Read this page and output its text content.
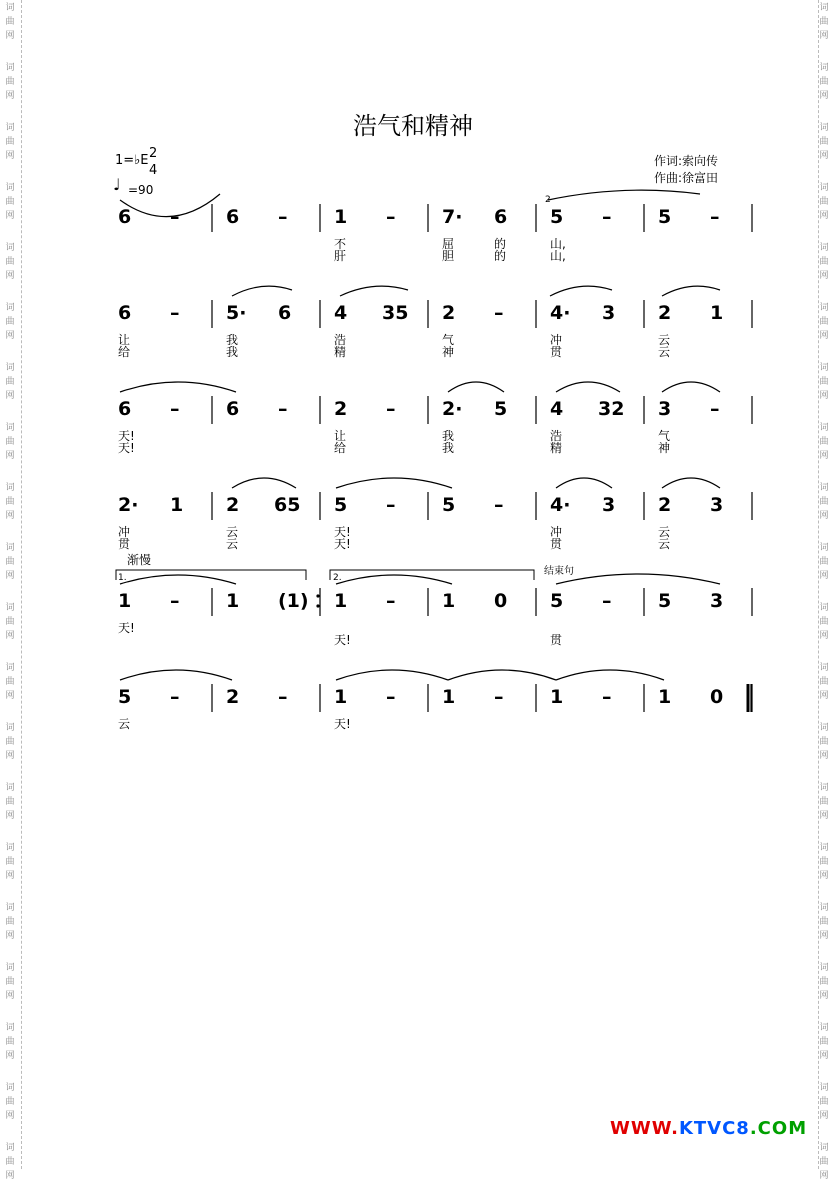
词
曲
网
词
曲
网
词
曲
网
词
曲
网
词
曲
网
词
曲
网
词
曲
网
词
曲
网
词
曲
网
词
曲
网
词
曲
网
词
曲
网
词
曲
网
词
曲
网
词
曲
网
词
曲
网
词
曲
网
词
曲
网
词
曲
网
词
曲
网
词
曲
网
词
曲
网
词
曲
网
词
曲
网
词
曲
网
词
曲
网
词
曲
网
词
曲
网
词
曲
网
词
曲
网
词
曲
网
词
曲
网
词
曲
网
词
曲
网
词
曲
网
词
曲
网
词
曲
网
词
曲
网
词
曲
网
词
曲
网
浩气和精神
作词:索向传
作曲:徐富田
1=♭E 2
4
♩ =90
渐慢
结束句
WWW.KTVC8.COM
6 – 6 – 1 –
不
肝
7· 6
屈	的
胆	的
5 –
山,
山,
5 –
6 –
让
给
5· 6
我
我
4 35
浩
精
2 –
气
神
4· 3
冲
贯
2 1
云
云
6 –
天!
天!
6 – 2 –
让
给
2· 5
我
我
4 32
浩
精
3 –
气
神
2· 1
冲
贯
2 65
云
云
5 –
天!
天!
5 – 4· 3
冲
贯
2 3
云
云
1 –
天!
1 (1) 1 –
天!
1 0 5 –
贯
5 3
5 –
云
2 – 1 –
天!
1 – 1 – 1 0
1.	2.
2
